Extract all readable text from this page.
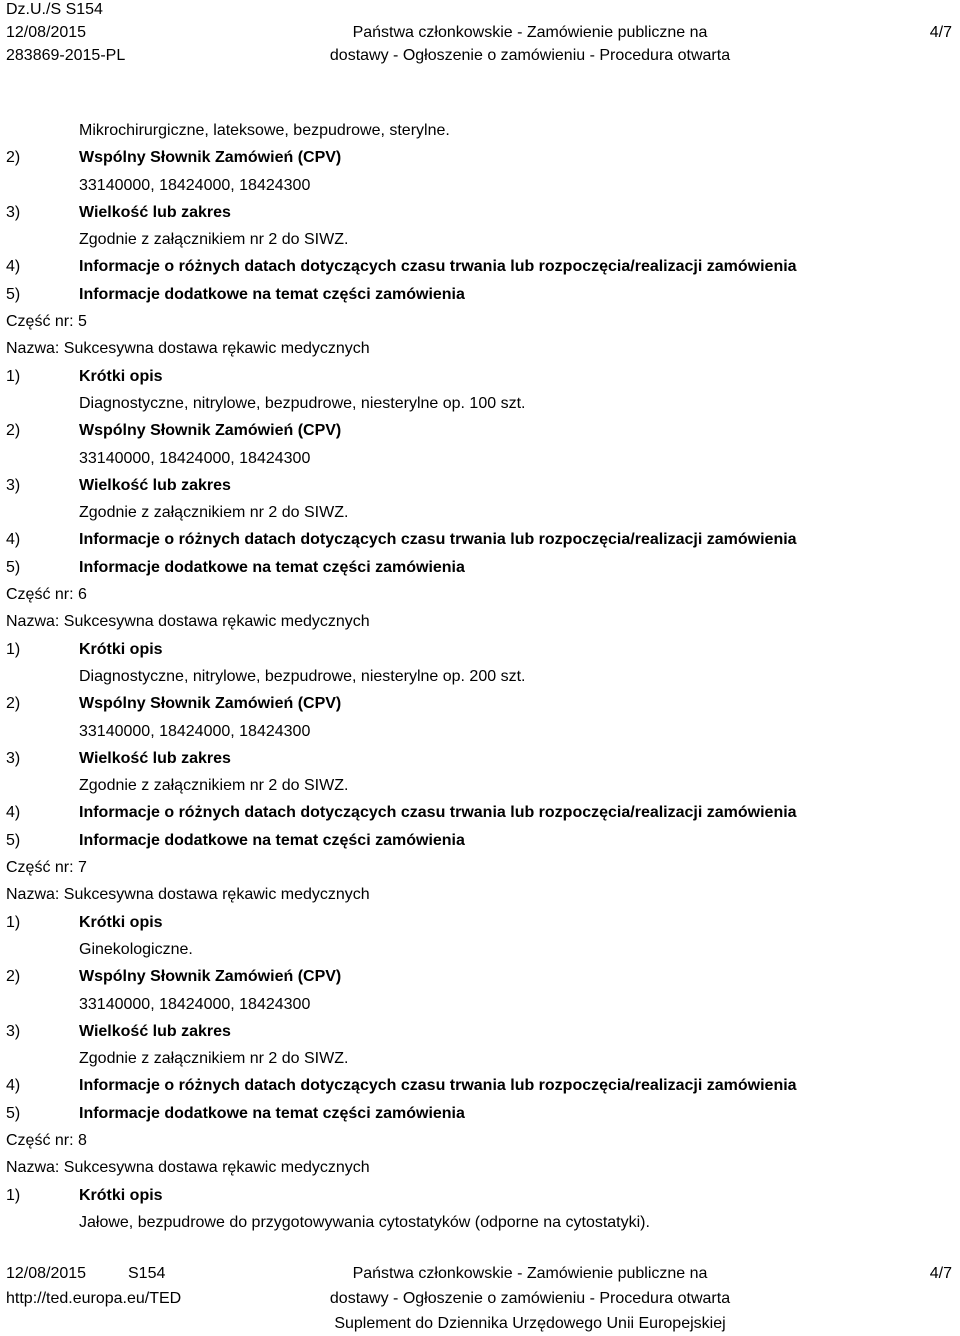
Dz.U./S S154
12/08/2015
283869-2015-PL
Państwa członkowskie - Zamówienie publiczne na
dostawy - Ogłoszenie o zamówieniu - Procedura otwarta
4/7
Mikrochirurgiczne, lateksowe, bezpudrowe, sterylne.
2)	Wspólny Słownik Zamówień (CPV)
33140000, 18424000, 18424300
3)	Wielkość lub zakres
Zgodnie z załącznikiem nr 2 do SIWZ.
4)	Informacje o różnych datach dotyczących czasu trwania lub rozpoczęcia/realizacji zamówienia
5)	Informacje dodatkowe na temat części zamówienia
Część nr: 5
Nazwa: Sukcesywna dostawa rękawic medycznych
1)	Krótki opis
Diagnostyczne, nitrylowe, bezpudrowe, niesterylne op. 100 szt.
2)	Wspólny Słownik Zamówień (CPV)
33140000, 18424000, 18424300
3)	Wielkość lub zakres
Zgodnie z załącznikiem nr 2 do SIWZ.
4)	Informacje o różnych datach dotyczących czasu trwania lub rozpoczęcia/realizacji zamówienia
5)	Informacje dodatkowe na temat części zamówienia
Część nr: 6
Nazwa: Sukcesywna dostawa rękawic medycznych
1)	Krótki opis
Diagnostyczne, nitrylowe, bezpudrowe, niesterylne op. 200 szt.
2)	Wspólny Słownik Zamówień (CPV)
33140000, 18424000, 18424300
3)	Wielkość lub zakres
Zgodnie z załącznikiem nr 2 do SIWZ.
4)	Informacje o różnych datach dotyczących czasu trwania lub rozpoczęcia/realizacji zamówienia
5)	Informacje dodatkowe na temat części zamówienia
Część nr: 7
Nazwa: Sukcesywna dostawa rękawic medycznych
1)	Krótki opis
Ginekologiczne.
2)	Wspólny Słownik Zamówień (CPV)
33140000, 18424000, 18424300
3)	Wielkość lub zakres
Zgodnie z załącznikiem nr 2 do SIWZ.
4)	Informacje o różnych datach dotyczących czasu trwania lub rozpoczęcia/realizacji zamówienia
5)	Informacje dodatkowe na temat części zamówienia
Część nr: 8
Nazwa: Sukcesywna dostawa rękawic medycznych
1)	Krótki opis
Jałowe, bezpudrowe do przygotowywania cytostatyków (odporne na cytostatyki).
12/08/2015	S154
http://ted.europa.eu/TED
Państwa członkowskie - Zamówienie publiczne na
dostawy - Ogłoszenie o zamówieniu - Procedura otwarta
Suplement do Dziennika Urzędowego Unii Europejskiej
4/7
